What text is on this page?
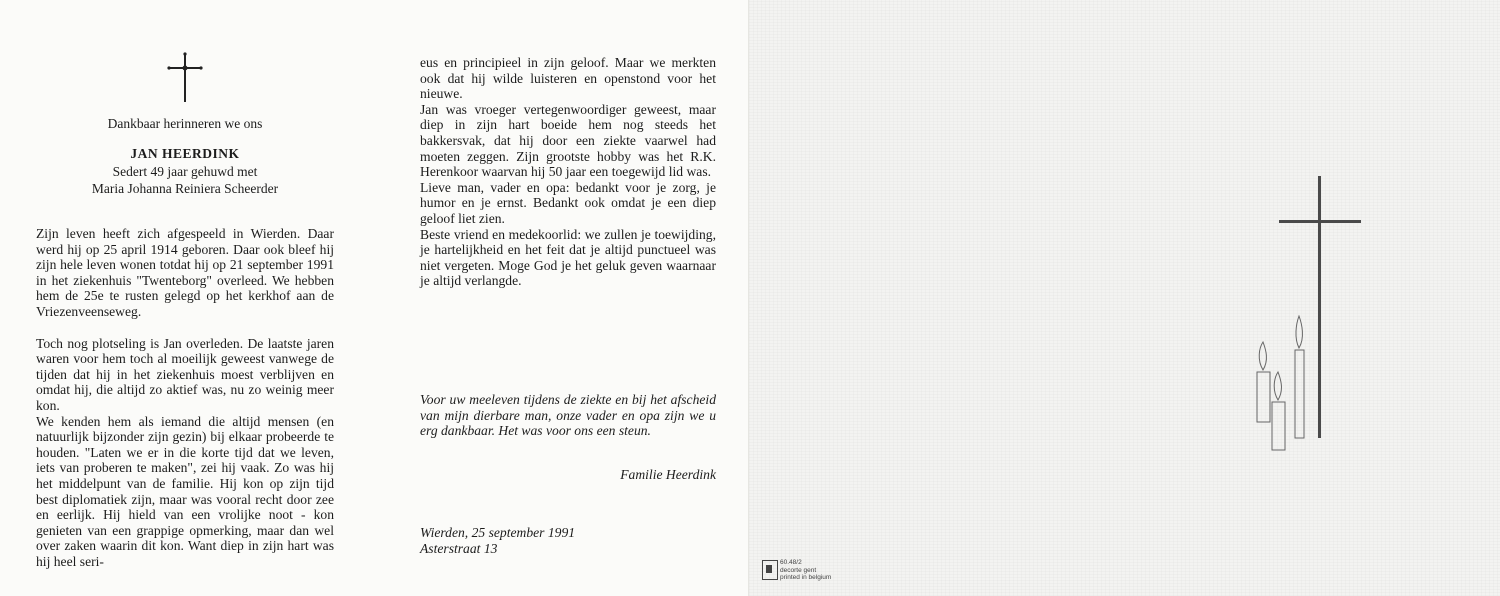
Dankbaar herinneren we ons
JAN HEERDINK
Sedert 49 jaar gehuwd met
Maria Johanna Reiniera Scheerder

Zijn leven heeft zich afgespeeld in Wierden. Daar werd hij op 25 april 1914 geboren. Daar ook bleef hij zijn hele leven wonen totdat hij op 21 september 1991 in het ziekenhuis "Twenteborg" overleed. We hebben hem de 25e te rusten gelegd op het kerkhof aan de Vriezenveenseweg.

Toch nog plotseling is Jan overleden. De laatste jaren waren voor hem toch al moeilijk geweest vanwege de tijden dat hij in het ziekenhuis moest verblijven en omdat hij, die altijd zo aktief was, nu zo weinig meer kon.

We kenden hem als iemand die altijd mensen (en natuurlijk bijzonder zijn gezin) bij elkaar probeerde te houden. "Laten we er in die korte tijd dat we leven, iets van proberen te maken", zei hij vaak. Zo was hij het middelpunt van de familie. Hij kon op zijn tijd best diplomatiek zijn, maar was vooral recht door zee en eerlijk. Hij hield van een vrolijke noot - kon genieten van een grappige opmerking, maar dan wel over zaken waarin dit kon. Want diep in zijn hart was hij heel seri-

eus en principieel in zijn geloof. Maar we merkten ook dat hij wilde luisteren en openstond voor het nieuwe.

Jan was vroeger vertegenwoordiger geweest, maar diep in zijn hart boeide hem nog steeds het bakkersvak, dat hij door een ziekte vaarwel had moeten zeggen. Zijn grootste hobby was het R.K. Herenkoor waarvan hij 50 jaar een toegewijd lid was.

Lieve man, vader en opa: bedankt voor je zorg, je humor en je ernst. Bedankt ook omdat je een diep geloof liet zien.

Beste vriend en medekoorlid: we zullen je toewijding, je hartelijkheid en het feit dat je altijd punctueel was niet vergeten. Moge God je het geluk geven waarnaar je altijd verlangde.

Voor uw meeleven tijdens de ziekte en bij het afscheid van mijn dierbare man, onze vader en opa zijn we u erg dankbaar. Het was voor ons een steun.
Familie Heerdink
Wierden, 25 september 1991
Asterstraat 13
60.48/2
decorte gent
printed in belgium
